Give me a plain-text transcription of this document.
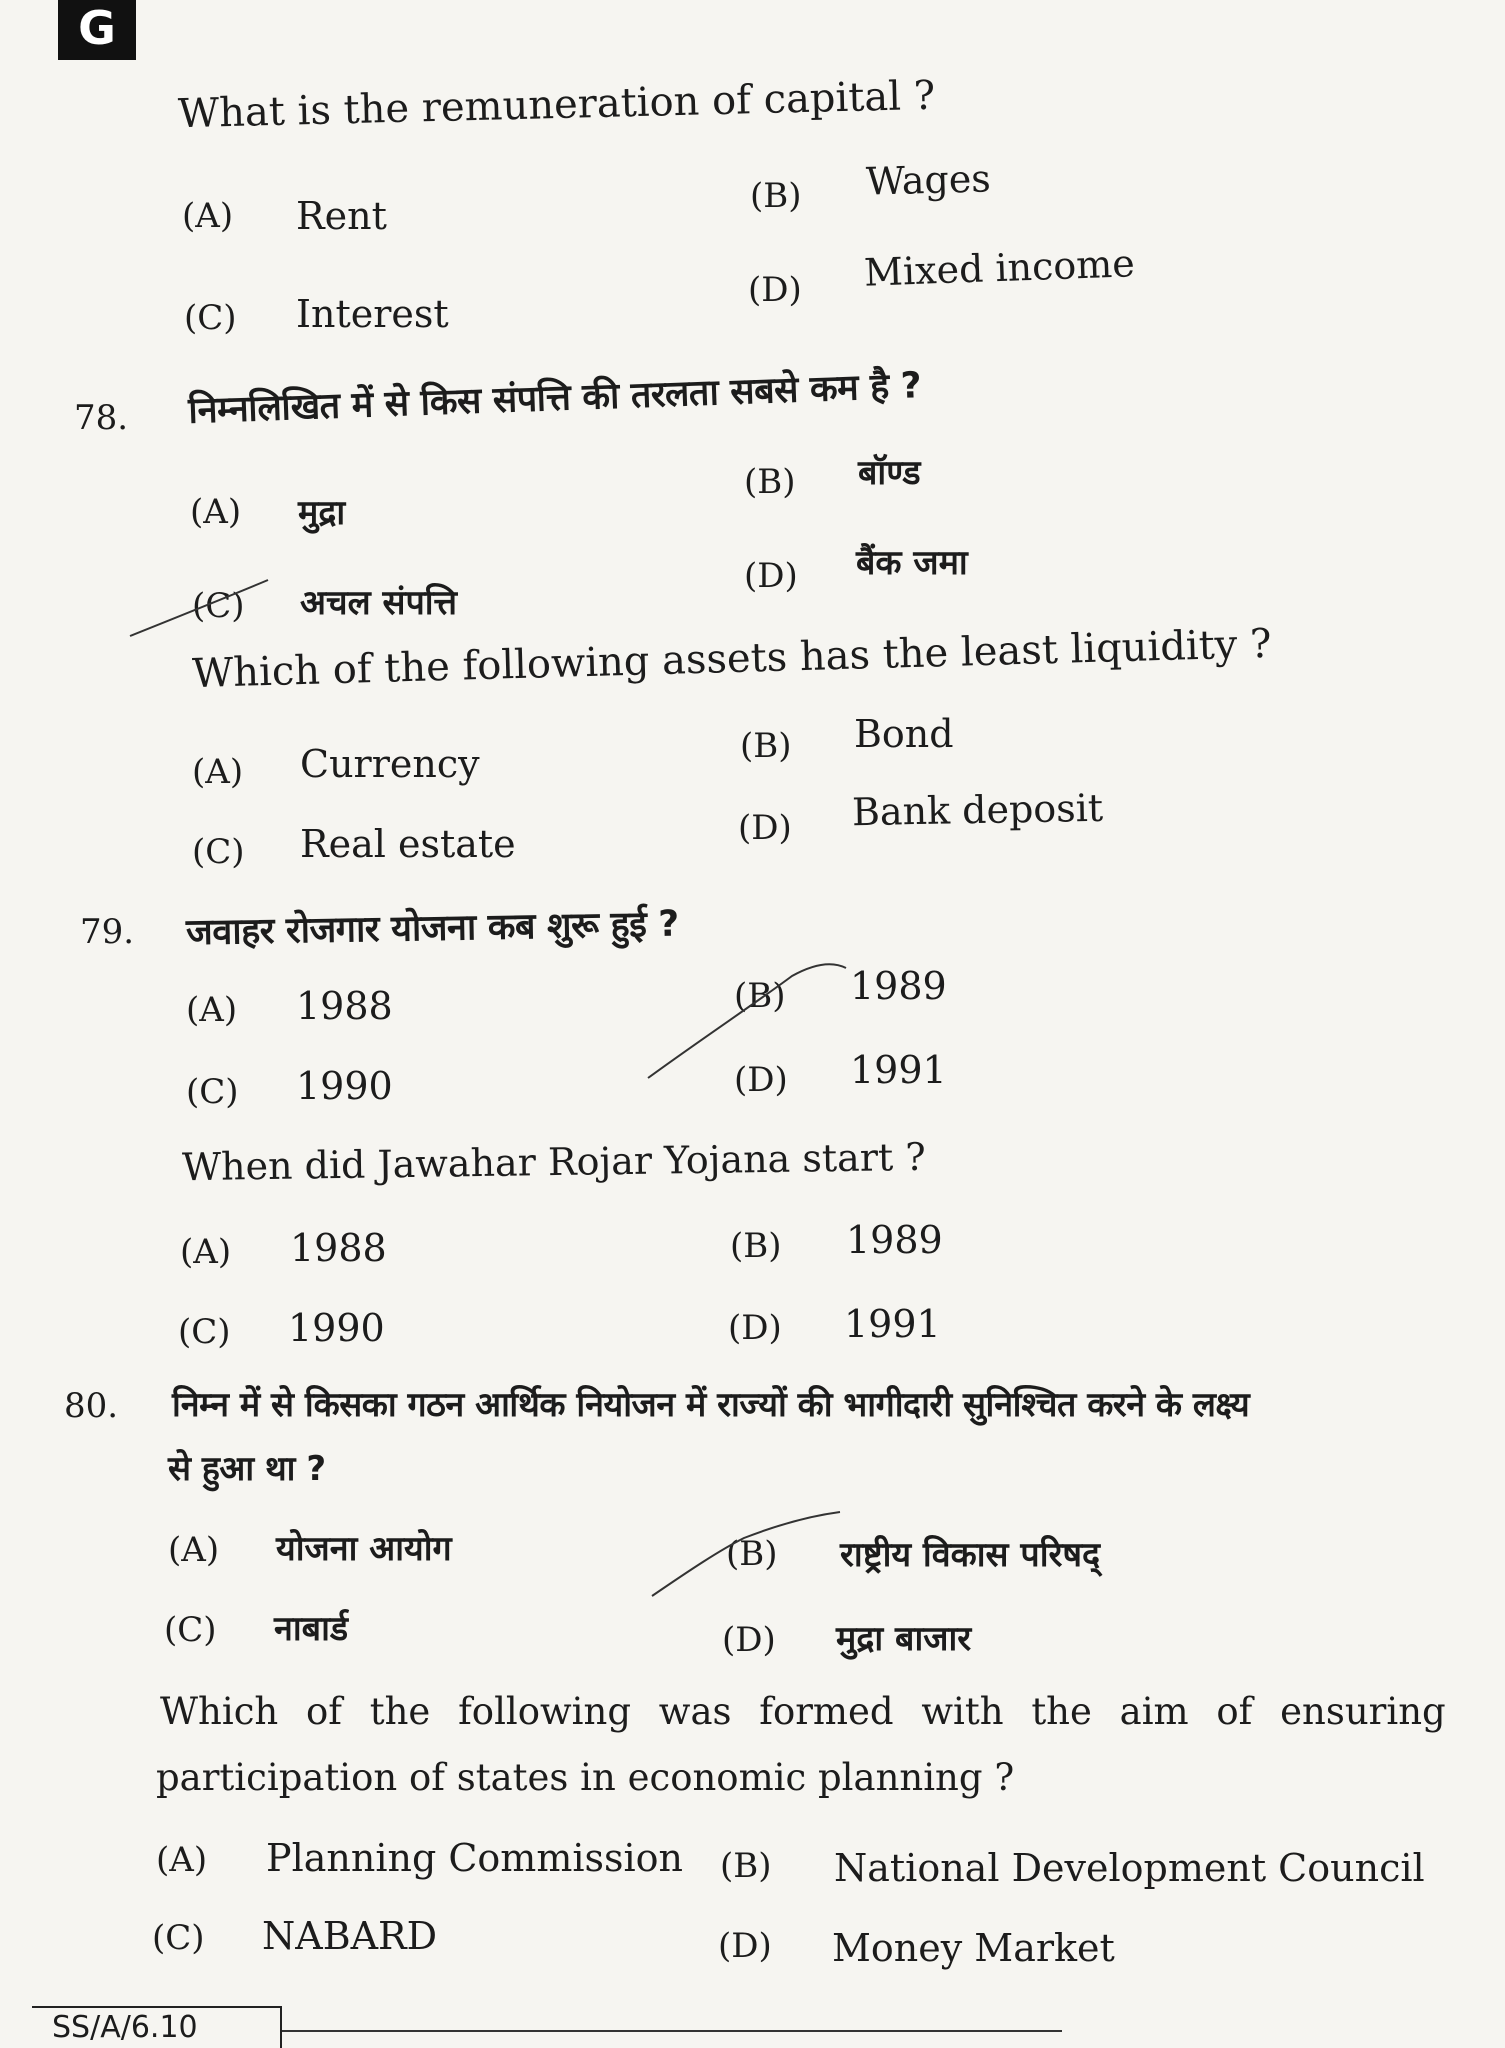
G
What is the remuneration of capital ?
(A) Rent	(B) Wages
(C) Interest
(D) Mixed income
78. निम्नलिखित में से किस संपत्ति की तरलता सबसे कम है ?
(A) मुद्रा
(B) बॉण्ड
(C) अचल संपत्ति
(D) बैंक जमा
Which of the following assets has the least liquidity ?
(A) Currency	(B) Bond
(C) Real estate	(D) Bank deposit
79. जवाहर रोजगार योजना कब शुरू हुई ?
(A) 1988	(B) 1989
(C) 1990	(D) 1991
When did Jawahar Rojar Yojana start ?
(A) 1988	(B) 1989
(C) 1990	(D) 1991
80. निम्न में से किसका गठन आर्थिक नियोजन में राज्यों की भागीदारी सुनिश्चित करने के लक्ष्य
से हुआ था ?
(A) योजना आयोग	(B) राष्ट्रीय विकास परिषद्
(C) नाबार्ड	(D) मुद्रा बाजार
Which of the following was formed with the aim of ensuring
participation of states in economic planning ?
(A) Planning Commission (B) National Development Council
(C) NABARD	(D) Money Market
SS/A/6.10
